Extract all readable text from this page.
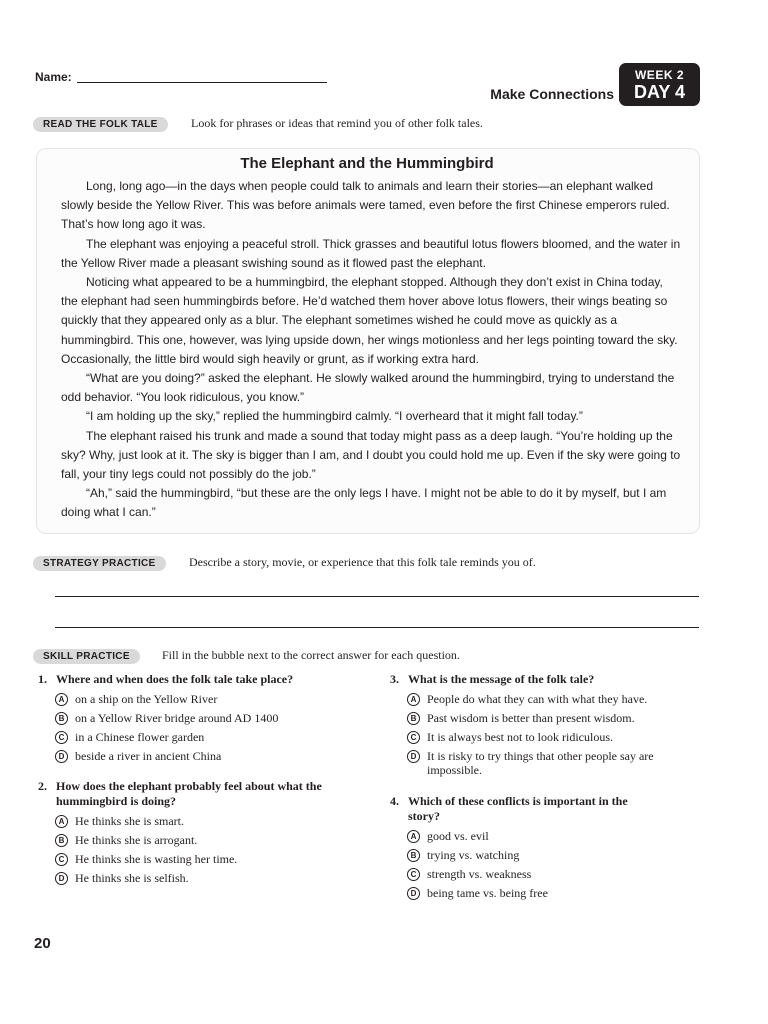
Name:
Make Connections
WEEK 2
DAY 4
READ THE FOLK TALE	Look for phrases or ideas that remind you of other folk tales.
The Elephant and the Hummingbird

Long, long ago—in the days when people could talk to animals and learn their stories—an elephant walked slowly beside the Yellow River. This was before animals were tamed, even before the first Chinese emperors ruled. That’s how long ago it was.

The elephant was enjoying a peaceful stroll. Thick grasses and beautiful lotus flowers bloomed, and the water in the Yellow River made a pleasant swishing sound as it flowed past the elephant.

Noticing what appeared to be a hummingbird, the elephant stopped. Although they don’t exist in China today, the elephant had seen hummingbirds before. He’d watched them hover above lotus flowers, their wings beating so quickly that they appeared only as a blur. The elephant sometimes wished he could move as quickly as a hummingbird. This one, however, was lying upside down, her wings motionless and her legs pointing toward the sky. Occasionally, the little bird would sigh heavily or grunt, as if working extra hard.

“What are you doing?” asked the elephant. He slowly walked around the hummingbird, trying to understand the odd behavior. “You look ridiculous, you know.”

“I am holding up the sky,” replied the hummingbird calmly. “I overheard that it might fall today.”

The elephant raised his trunk and made a sound that today might pass as a deep laugh. “You’re holding up the sky? Why, just look at it. The sky is bigger than I am, and I doubt you could hold me up. Even if the sky were going to fall, your tiny legs could not possibly do the job.”

“Ah,” said the hummingbird, “but these are the only legs I have. I might not be able to do it by myself, but I am doing what I can.”

STRATEGY PRACTICE	Describe a story, movie, or experience that this folk tale reminds you of.
SKILL PRACTICE	Fill in the bubble next to the correct answer for each question.
1. Where and when does the folk tale take place?
A on a ship on the Yellow River
B on a Yellow River bridge around AD 1400
C in a Chinese flower garden
D beside a river in ancient China
2. How does the elephant probably feel about what the hummingbird is doing?
A He thinks she is smart.
B He thinks she is arrogant.
C He thinks she is wasting her time.
D He thinks she is selfish.
3. What is the message of the folk tale?
A People do what they can with what they have.
B Past wisdom is better than present wisdom.
C It is always best not to look ridiculous.
D It is risky to try things that other people say are impossible.
4. Which of these conflicts is important in the story?
A good vs. evil
B trying vs. watching
C strength vs. weakness
D being tame vs. being free
20
